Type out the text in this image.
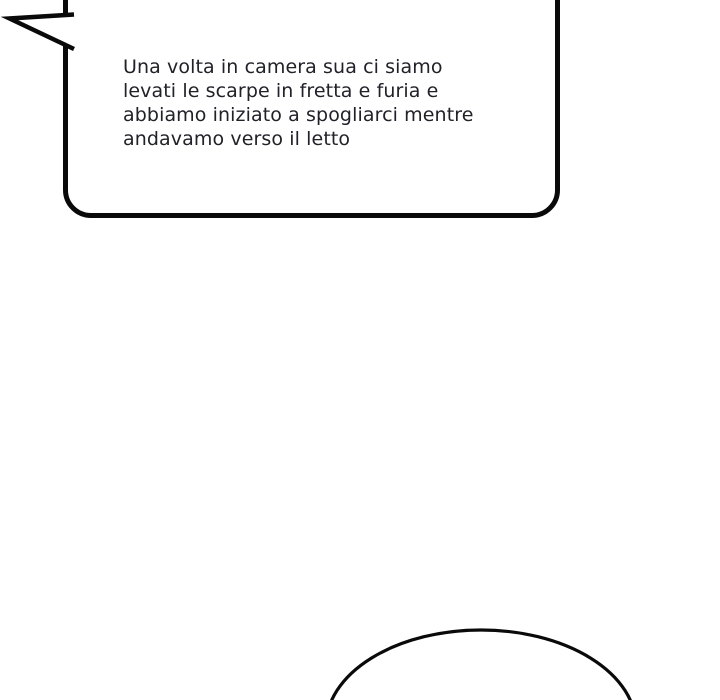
Una volta in camera sua ci siamo
levati le scarpe in fretta e furia e
abbiamo iniziato a spogliarci mentre
andavamo verso il letto
